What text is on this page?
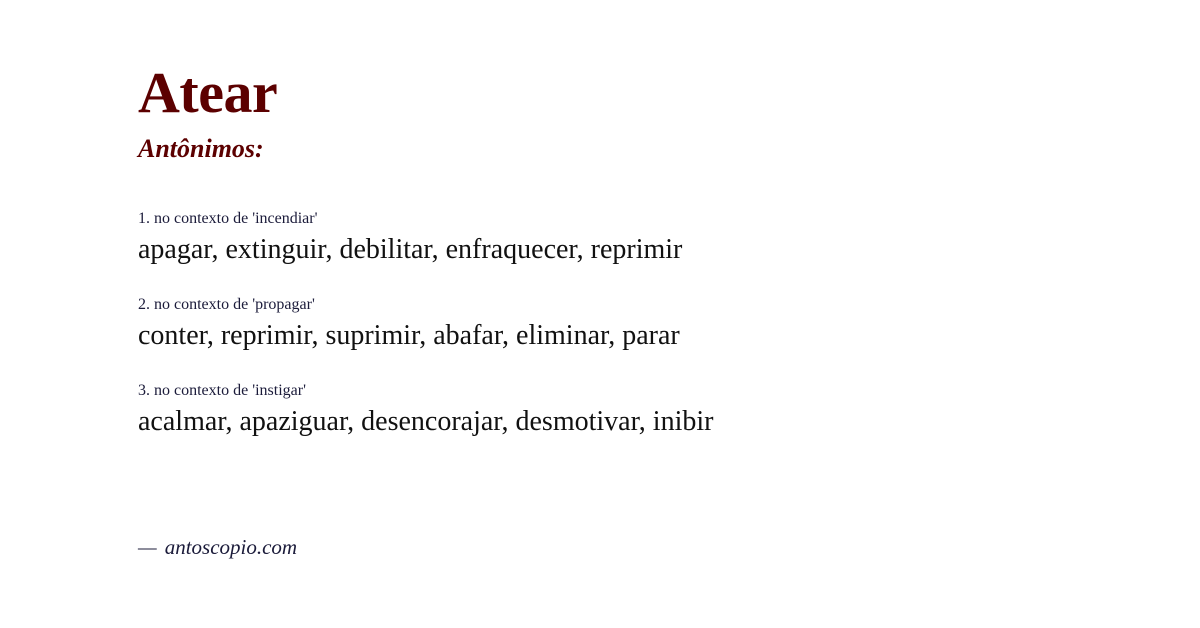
Atear
Antônimos:
1. no contexto de 'incendiar'
apagar, extinguir, debilitar, enfraquecer, reprimir
2. no contexto de 'propagar'
conter, reprimir, suprimir, abafar, eliminar, parar
3. no contexto de 'instigar'
acalmar, apaziguar, desencorajar, desmotivar, inibir
— antoscopio.com
